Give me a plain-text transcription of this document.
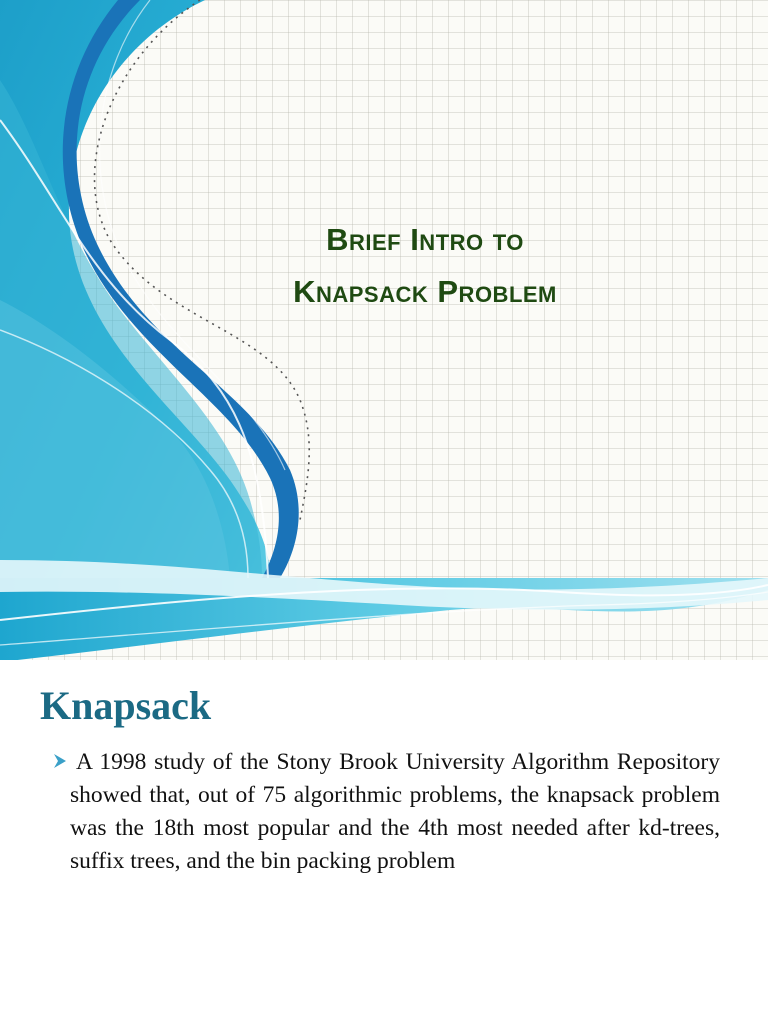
Brief Intro to
Knapsack Problem
Knapsack

A 1998 study of the Stony Brook University Algorithm Repository showed that, out of 75 algorithmic problems, the knapsack problem was the 18th most popular and the 4th most needed after kd-trees, suffix trees, and the bin packing problem
